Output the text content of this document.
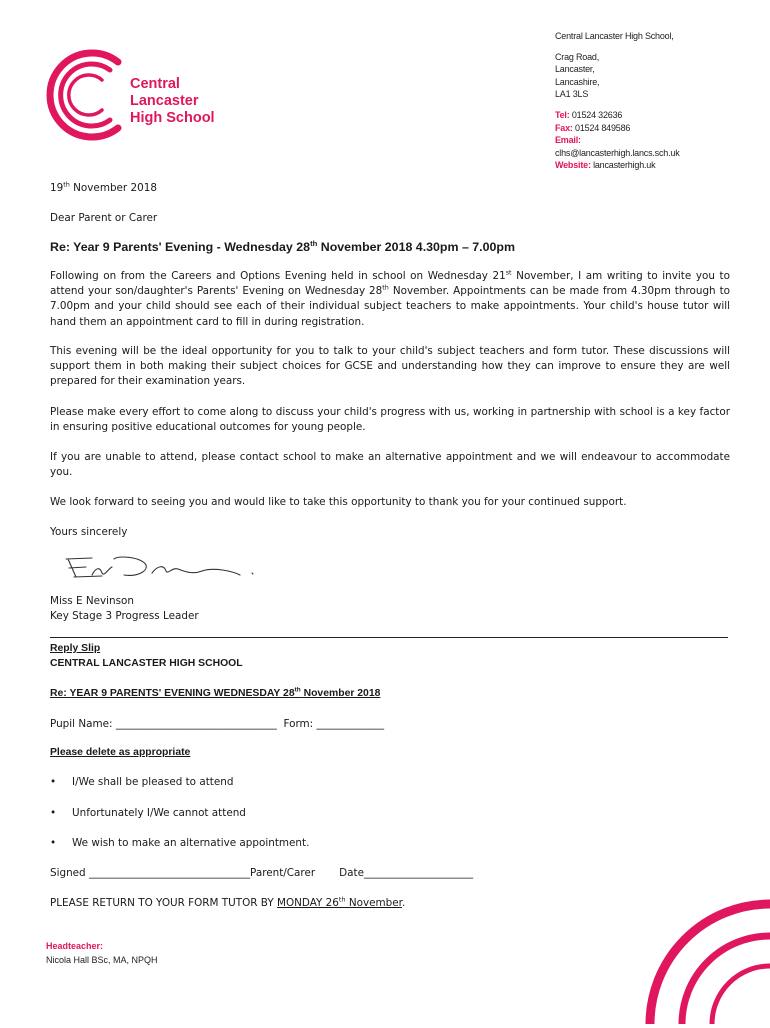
Central Lancaster
High School
Central Lancaster High School,
Crag Road,
Lancaster,
Lancashire,
LA1 3LS
Tel: 01524 32636
Fax: 01524 849586
Email:
clhs@lancasterhigh.lancs.sch.uk
Website: lancasterhigh.uk
19th November 2018
Dear Parent or Carer
Re: Year 9 Parents' Evening - Wednesday 28th November 2018 4.30pm – 7.00pm
Following on from the Careers and Options Evening held in school on Wednesday 21st November, I am writing to invite you to attend your son/daughter's Parents' Evening on Wednesday 28th November. Appointments can be made from 4.30pm through to 7.00pm and your child should see each of their individual subject teachers to make appointments. Your child's house tutor will hand them an appointment card to fill in during registration.
This evening will be the ideal opportunity for you to talk to your child's subject teachers and form tutor. These discussions will support them in both making their subject choices for GCSE and understanding how they can improve to ensure they are well prepared for their examination years.
Please make every effort to come along to discuss your child's progress with us, working in partnership with school is a key factor in ensuring positive educational outcomes for young people.
If you are unable to attend, please contact school to make an alternative appointment and we will endeavour to accommodate you.
We look forward to seeing you and would like to take this opportunity to thank you for your continued support.
Yours sincerely
Miss E Nevinson
Key Stage 3 Progress Leader
Reply Slip
CENTRAL LANCASTER HIGH SCHOOL
Re: YEAR 9 PARENTS' EVENING WEDNESDAY 28th November 2018
Pupil Name: _______________________________  Form: _____________
Please delete as appropriate
• I/We shall be pleased to attend
• Unfortunately I/We cannot attend
• We wish to make an alternative appointment.
Signed _______________________________Parent/Carer Date_____________________
PLEASE RETURN TO YOUR FORM TUTOR BY MONDAY 26th November.
Headteacher:
Nicola Hall BSc, MA, NPQH
